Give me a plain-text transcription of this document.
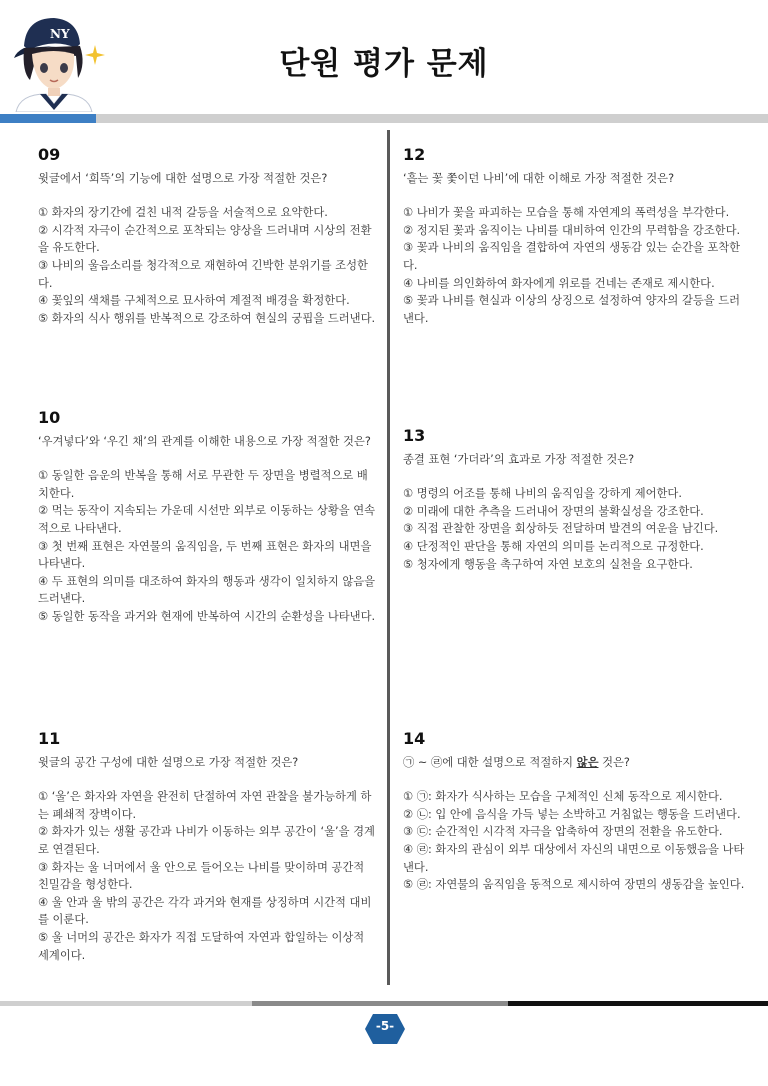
NY
단원 평가 문제
09
윗글에서 ‘희뜩’의 기능에 대한 설명으로 가장 적절한 것은?
① 화자의 장기간에 걸친 내적 갈등을 서술적으로 요약한다.
② 시각적 자극이 순간적으로 포착되는 양상을 드러내며 시상의 전환을 유도한다.
③ 나비의 울음소리를 청각적으로 재현하여 긴박한 분위기를 조성한다.
④ 꽃잎의 색채를 구체적으로 묘사하여 계절적 배경을 확정한다.
⑤ 화자의 식사 행위를 반복적으로 강조하여 현실의 궁핍을 드러낸다.
10
‘우겨넣다’와 ‘우긴 채’의 관계를 이해한 내용으로 가장 적절한 것은?
① 동일한 음운의 반복을 통해 서로 무관한 두 장면을 병렬적으로 배치한다.
② 먹는 동작이 지속되는 가운데 시선만 외부로 이동하는 상황을 연속적으로 나타낸다.
③ 첫 번째 표현은 자연물의 움직임을, 두 번째 표현은 화자의 내면을 나타낸다.
④ 두 표현의 의미를 대조하여 화자의 행동과 생각이 일치하지 않음을 드러낸다.
⑤ 동일한 동작을 과거와 현재에 반복하여 시간의 순환성을 나타낸다.
11
윗글의 공간 구성에 대한 설명으로 가장 적절한 것은?
① ‘울’은 화자와 자연을 완전히 단절하여 자연 관찰을 불가능하게 하는 폐쇄적 장벽이다.
② 화자가 있는 생활 공간과 나비가 이동하는 외부 공간이 ‘울’을 경계로 연결된다.
③ 화자는 울 너머에서 울 안으로 들어오는 나비를 맞이하며 공간적 친밀감을 형성한다.
④ 울 안과 울 밖의 공간은 각각 과거와 현재를 상징하며 시간적 대비를 이룬다.
⑤ 울 너머의 공간은 화자가 직접 도달하여 자연과 합일하는 이상적 세계이다.
12
‘흩는 꽃 쫓이던 나비’에 대한 이해로 가장 적절한 것은?
① 나비가 꽃을 파괴하는 모습을 통해 자연계의 폭력성을 부각한다.
② 정지된 꽃과 움직이는 나비를 대비하여 인간의 무력함을 강조한다.
③ 꽃과 나비의 움직임을 결합하여 자연의 생동감 있는 순간을 포착한다.
④ 나비를 의인화하여 화자에게 위로를 건네는 존재로 제시한다.
⑤ 꽃과 나비를 현실과 이상의 상징으로 설정하여 양자의 갈등을 드러낸다.
13
종결 표현 ‘가더라’의 효과로 가장 적절한 것은?
① 명령의 어조를 통해 나비의 움직임을 강하게 제어한다.
② 미래에 대한 추측을 드러내어 장면의 불확실성을 강조한다.
③ 직접 관찰한 장면을 회상하듯 전달하며 발견의 여운을 남긴다.
④ 단정적인 판단을 통해 자연의 의미를 논리적으로 규정한다.
⑤ 청자에게 행동을 촉구하여 자연 보호의 실천을 요구한다.
14
㉠ ~ ㉣에 대한 설명으로 적절하지 않은 것은?
① ㉠: 화자가 식사하는 모습을 구체적인 신체 동작으로 제시한다.
② ㉡: 입 안에 음식을 가득 넣는 소박하고 거침없는 행동을 드러낸다.
③ ㉢: 순간적인 시각적 자극을 압축하여 장면의 전환을 유도한다.
④ ㉣: 화자의 관심이 외부 대상에서 자신의 내면으로 이동했음을 나타낸다.
⑤ ㉣: 자연물의 움직임을 동적으로 제시하여 장면의 생동감을 높인다.
-5-
